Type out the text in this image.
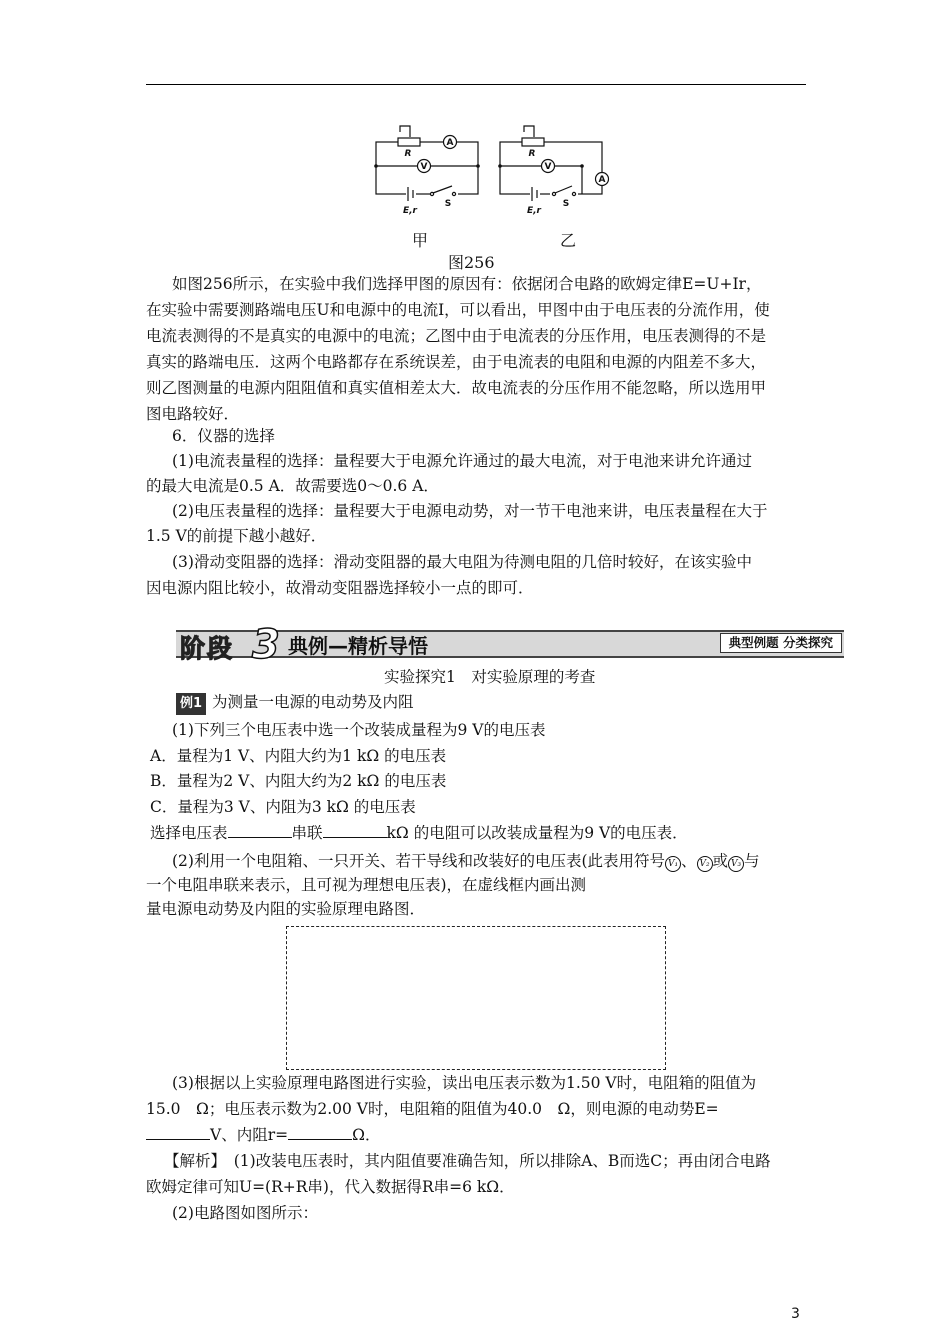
A
V
R
E,r
S
A
V
R
E,r
S
甲	乙
图256
如图256所示，在实验中我们选择甲图的原因有：依据闭合电路的欧姆定律E=U+Ir，
在实验中需要测路端电压U和电源中的电流I，可以看出，甲图中由于电压表的分流作用，使
电流表测得的不是真实的电源中的电流；乙图中由于电流表的分压作用，电压表测得的不是
真实的路端电压．这两个电路都存在系统误差，由于电流表的电阻和电源的内阻差不多大，
则乙图测量的电源内阻阻值和真实值相差太大．故电流表的分压作用不能忽略，所以选用甲
图电路较好．
6．仪器的选择
(1)电流表量程的选择：量程要大于电源允许通过的最大电流，对于电池来讲允许通过
的最大电流是0.5 A．故需要选0～0.6 A．
(2)电压表量程的选择：量程要大于电源电动势，对一节干电池来讲，电压表量程在大于
1.5 V的前提下越小越好．
(3)滑动变阻器的选择：滑动变阻器的最大电阻为待测电阻的几倍时较好，在该实验中
因电源内阻比较小，故滑动变阻器选择较小一点的即可．
阶段 3 典例—精析导悟	典型例题 分类探究
实验探究1　对实验原理的考查
例1 为测量一电源的电动势及内阻
(1)下列三个电压表中选一个改装成量程为9 V的电压表
A．量程为1 V、内阻大约为1 kΩ 的电压表
B．量程为2 V、内阻大约为2 kΩ 的电压表
C．量程为3 V、内阻为3 kΩ 的电压表
选择电压表	串联	kΩ 的电阻可以改装成量程为9 V的电压表．
(2)利用一个电阻箱、一只开关、若干导线和改装好的电压表(此表用符号 V₁ 、 V₂ 或 V₃ 与
一个电阻串联来表示，且可视为理想电压表)，在虚线框内画出测
量电源电动势及内阻的实验原理电路图．
(3)根据以上实验原理电路图进行实验，读出电压表示数为1.50 V时，电阻箱的阻值为
15.0　Ω；电压表示数为2.00 V时，电阻箱的阻值为40.0　Ω，则电源的电动势E=
V、内阻r=	Ω．
【解析】　(1)改装电压表时，其内阻值要准确告知，所以排除A、B而选C；再由闭合电路
欧姆定律可知U=(R+R串)，代入数据得R串=6 kΩ．
(2)电路图如图所示：
3
